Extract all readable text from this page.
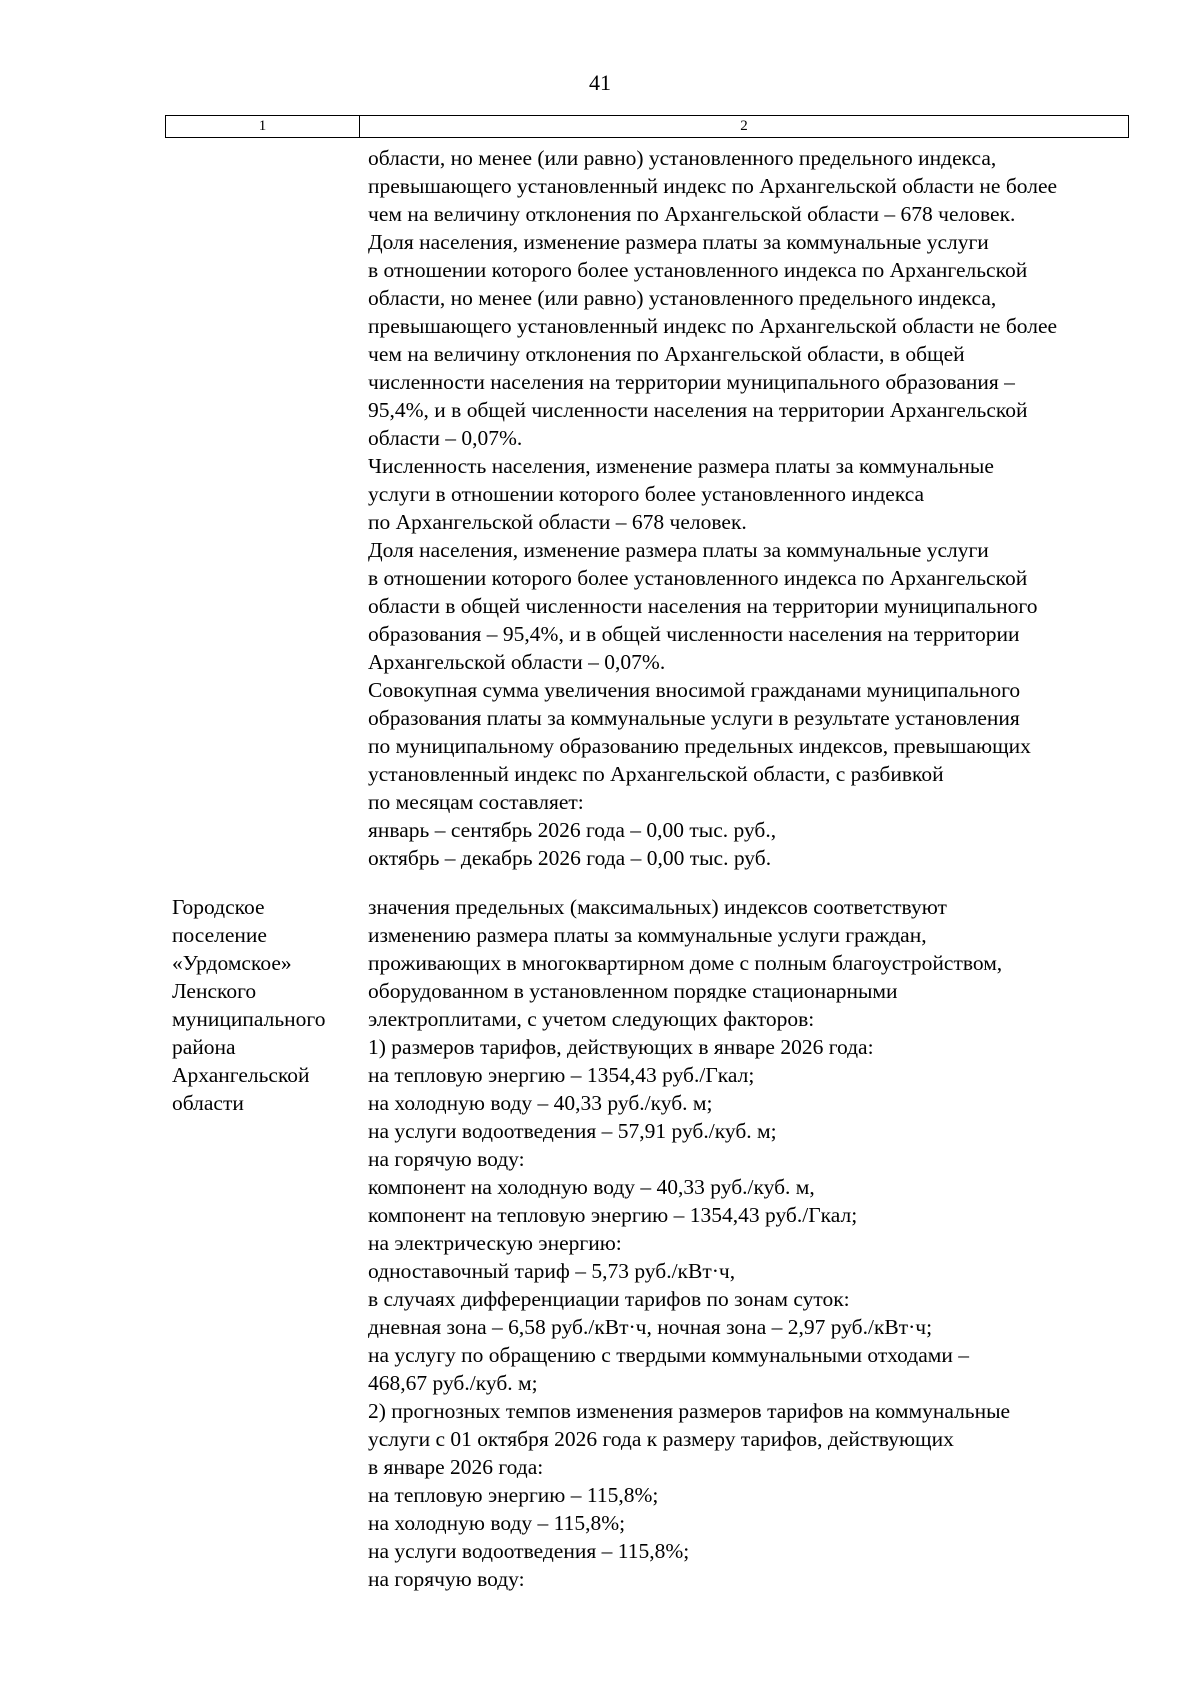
41
1	2
области, но менее (или равно) установленного предельного индекса,
превышающего установленный индекс по Архангельской области не более
чем на величину отклонения по Архангельской области – 678 человек.
Доля населения, изменение размера платы за коммунальные услуги
в отношении которого более установленного индекса по Архангельской
области, но менее (или равно) установленного предельного индекса,
превышающего установленный индекс по Архангельской области не более
чем на величину отклонения по Архангельской области, в общей
численности населения на территории муниципального образования –
95,4%, и в общей численности населения на территории Архангельской
области – 0,07%.
Численность населения, изменение размера платы за коммунальные
услуги в отношении которого более установленного индекса
по Архангельской области – 678 человек.
Доля населения, изменение размера платы за коммунальные услуги
в отношении которого более установленного индекса по Архангельской
области в общей численности населения на территории муниципального
образования – 95,4%, и в общей численности населения на территории
Архангельской области – 0,07%.
Совокупная сумма увеличения вносимой гражданами муниципального
образования платы за коммунальные услуги в результате установления
по муниципальному образованию предельных индексов, превышающих
установленный индекс по Архангельской области, с разбивкой
по месяцам составляет:
январь – сентябрь 2026 года – 0,00 тыс. руб.,
октябрь – декабрь 2026 года – 0,00 тыс. руб.
Городское
поселение
«Урдомское»
Ленского
муниципального
района
Архангельской
области
значения предельных (максимальных) индексов соответствуют
изменению размера платы за коммунальные услуги граждан,
проживающих в многоквартирном доме с полным благоустройством,
оборудованном в установленном порядке стационарными
электроплитами, с учетом следующих факторов:
1) размеров тарифов, действующих в январе 2026 года:
на тепловую энергию – 1354,43 руб./Гкал;
на холодную воду – 40,33 руб./куб. м;
на услуги водоотведения – 57,91 руб./куб. м;
на горячую воду:
компонент на холодную воду – 40,33 руб./куб. м,
компонент на тепловую энергию – 1354,43 руб./Гкал;
на электрическую энергию:
одноставочный тариф – 5,73 руб./кВт·ч,
в случаях дифференциации тарифов по зонам суток:
дневная зона – 6,58 руб./кВт·ч, ночная зона – 2,97 руб./кВт·ч;
на услугу по обращению с твердыми коммунальными отходами –
468,67 руб./куб. м;
2) прогнозных темпов изменения размеров тарифов на коммунальные
услуги с 01 октября 2026 года к размеру тарифов, действующих
в январе 2026 года:
на тепловую энергию – 115,8%;
на холодную воду – 115,8%;
на услуги водоотведения – 115,8%;
на горячую воду:
